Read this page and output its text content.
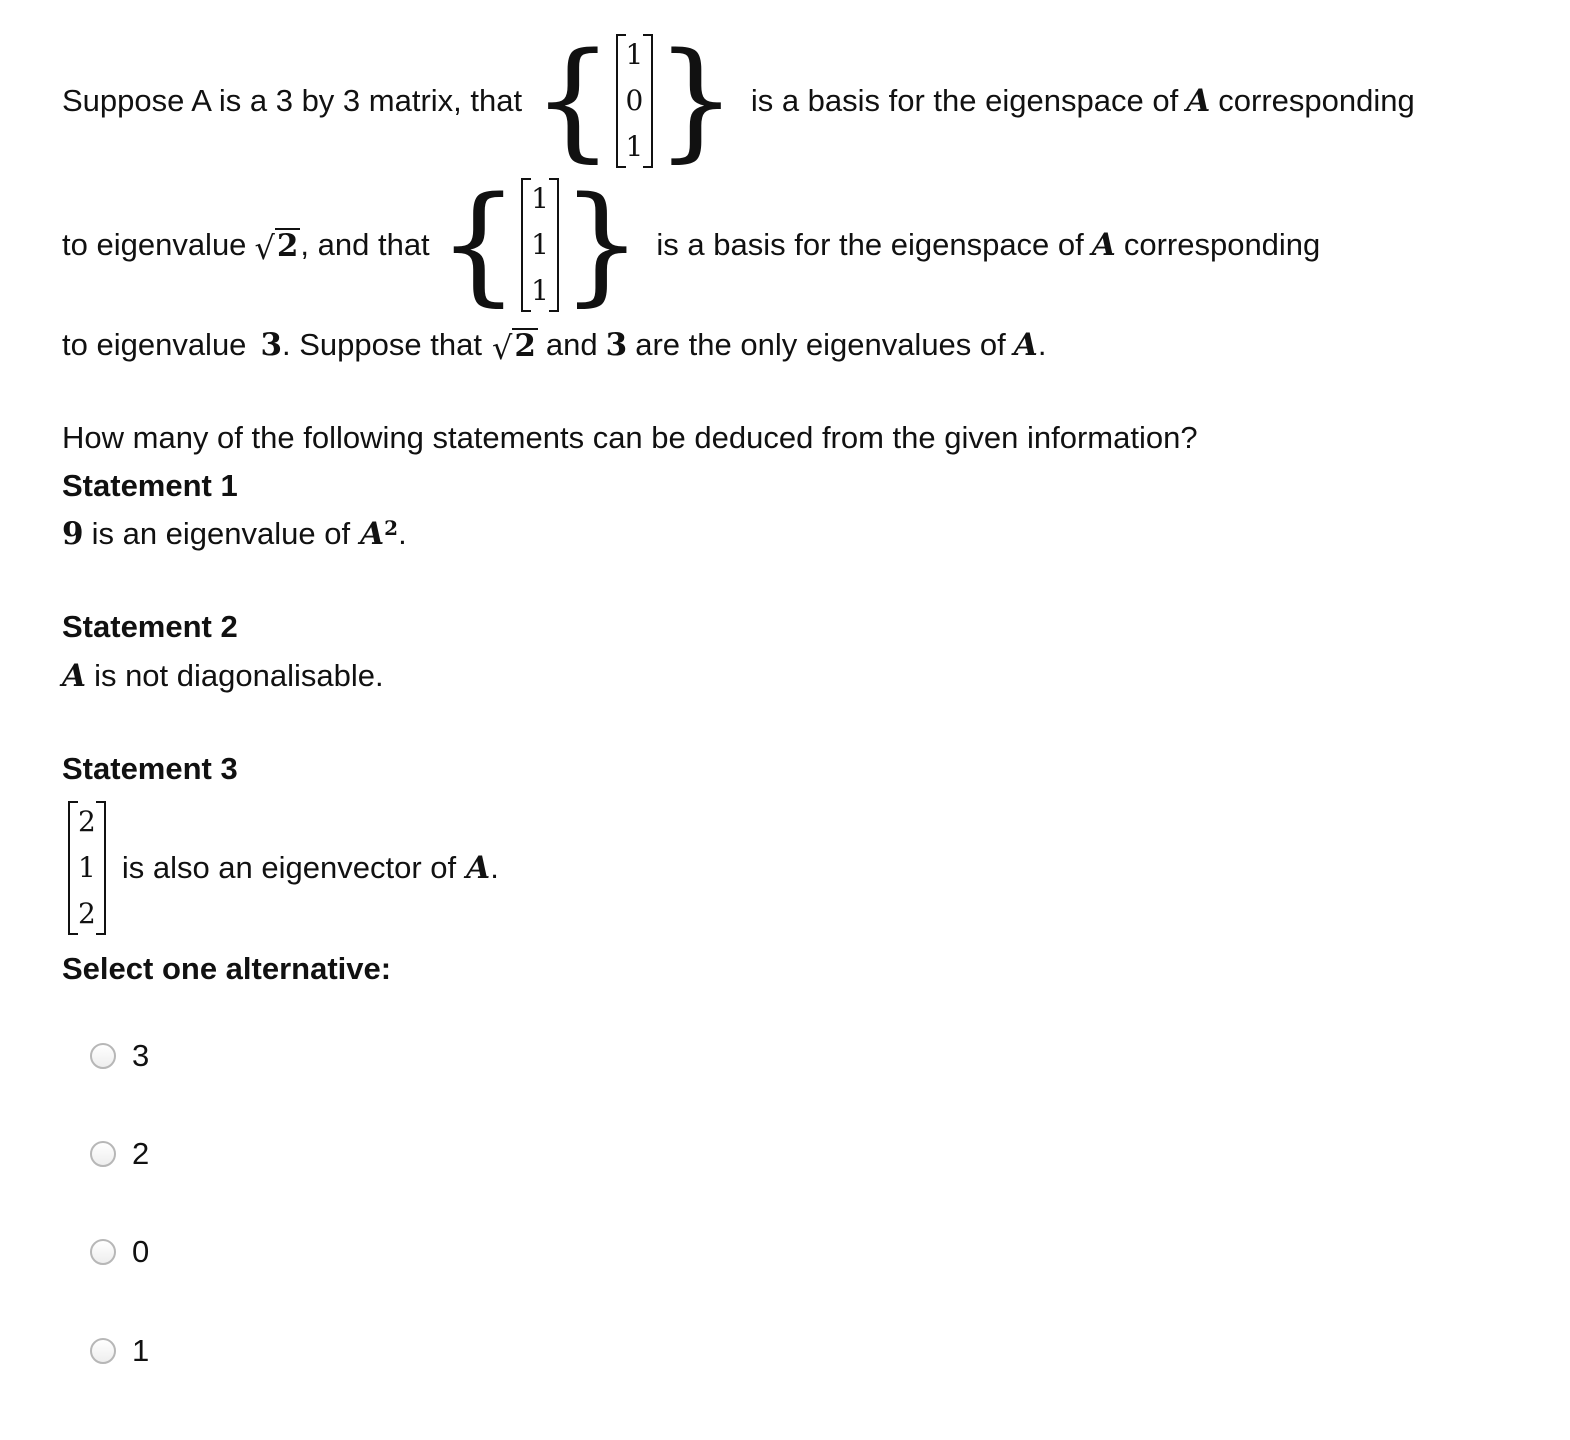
Suppose A is a 3 by 3 matrix, that { 1
0
1 } is a basis for the eigenspace of A corresponding
to eigenvalue √ 2 , and that { 1
1
1 } is a basis for the eigenspace of A corresponding
to eigenvalue 3 . Suppose that √ 2 and 3 are the only eigenvalues of A .
How many of the following statements can be deduced from the given information?
Statement 1
9 is an eigenvalue of $A^2$ .
Statement 2
A is not diagonalisable.
Statement 3
2
1
2
is also an eigenvector of A .
Select one alternative:
3
2
0
1
